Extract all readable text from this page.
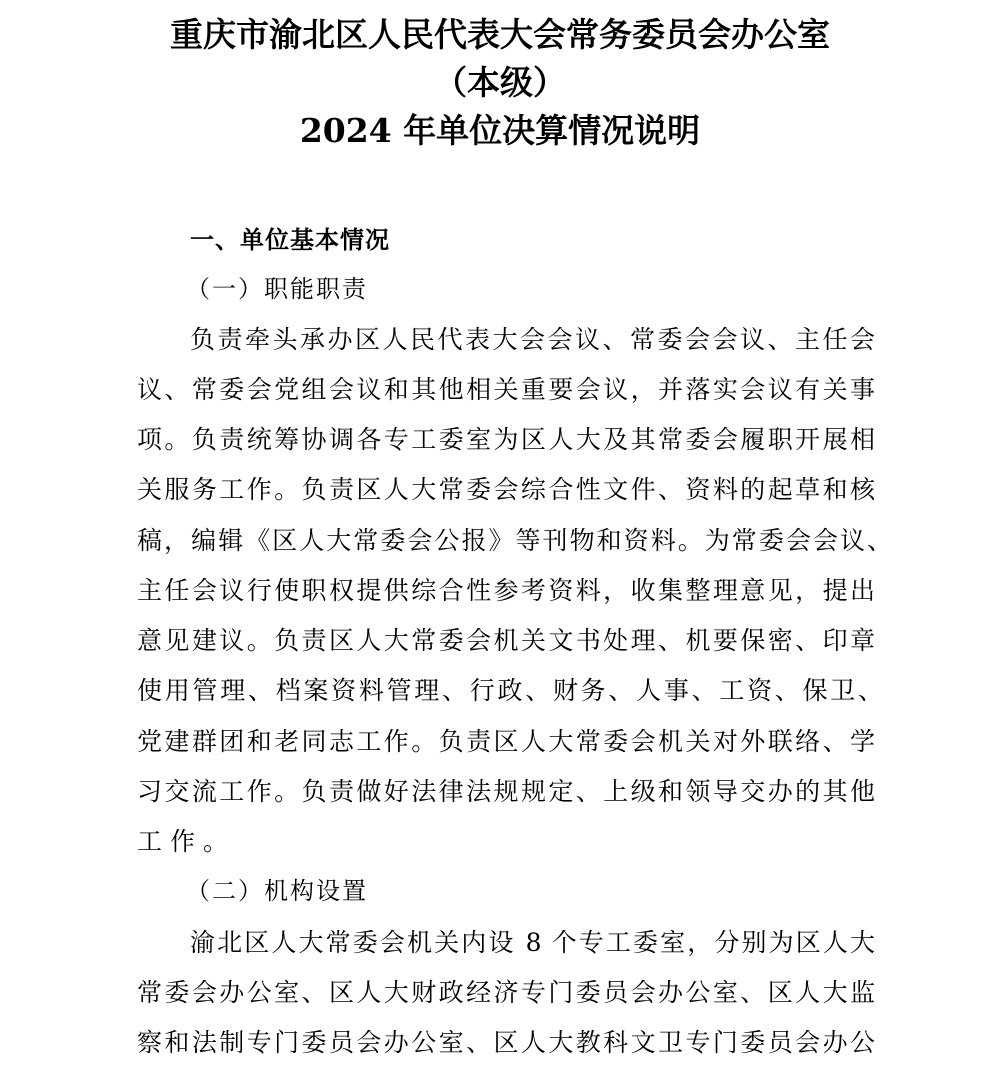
重庆市渝北区人民代表大会常务委员会办公室
（本级）
2024 年单位决算情况说明
一、单位基本情况
（一）职能职责
负责牵头承办区人民代表大会会议、常委会会议、主任会
议、常委会党组会议和其他相关重要会议，并落实会议有关事
项。负责统筹协调各专工委室为区人大及其常委会履职开展相
关服务工作。负责区人大常委会综合性文件、资料的起草和核
稿，编辑《区人大常委会公报》等刊物和资料。为常委会会议、
主任会议行使职权提供综合性参考资料，收集整理意见，提出
意见建议。负责区人大常委会机关文书处理、机要保密、印章
使用管理、档案资料管理、行政、财务、人事、工资、保卫、
党建群团和老同志工作。负责区人大常委会机关对外联络、学
习交流工作。负责做好法律法规规定、上级和领导交办的其他
工作。
（二）机构设置
渝北区人大常委会机关内设 8 个专工委室，分别为区人大
常委会办公室、区人大财政经济专门委员会办公室、区人大监
察和法制专门委员会办公室、区人大教科文卫专门委员会办公
